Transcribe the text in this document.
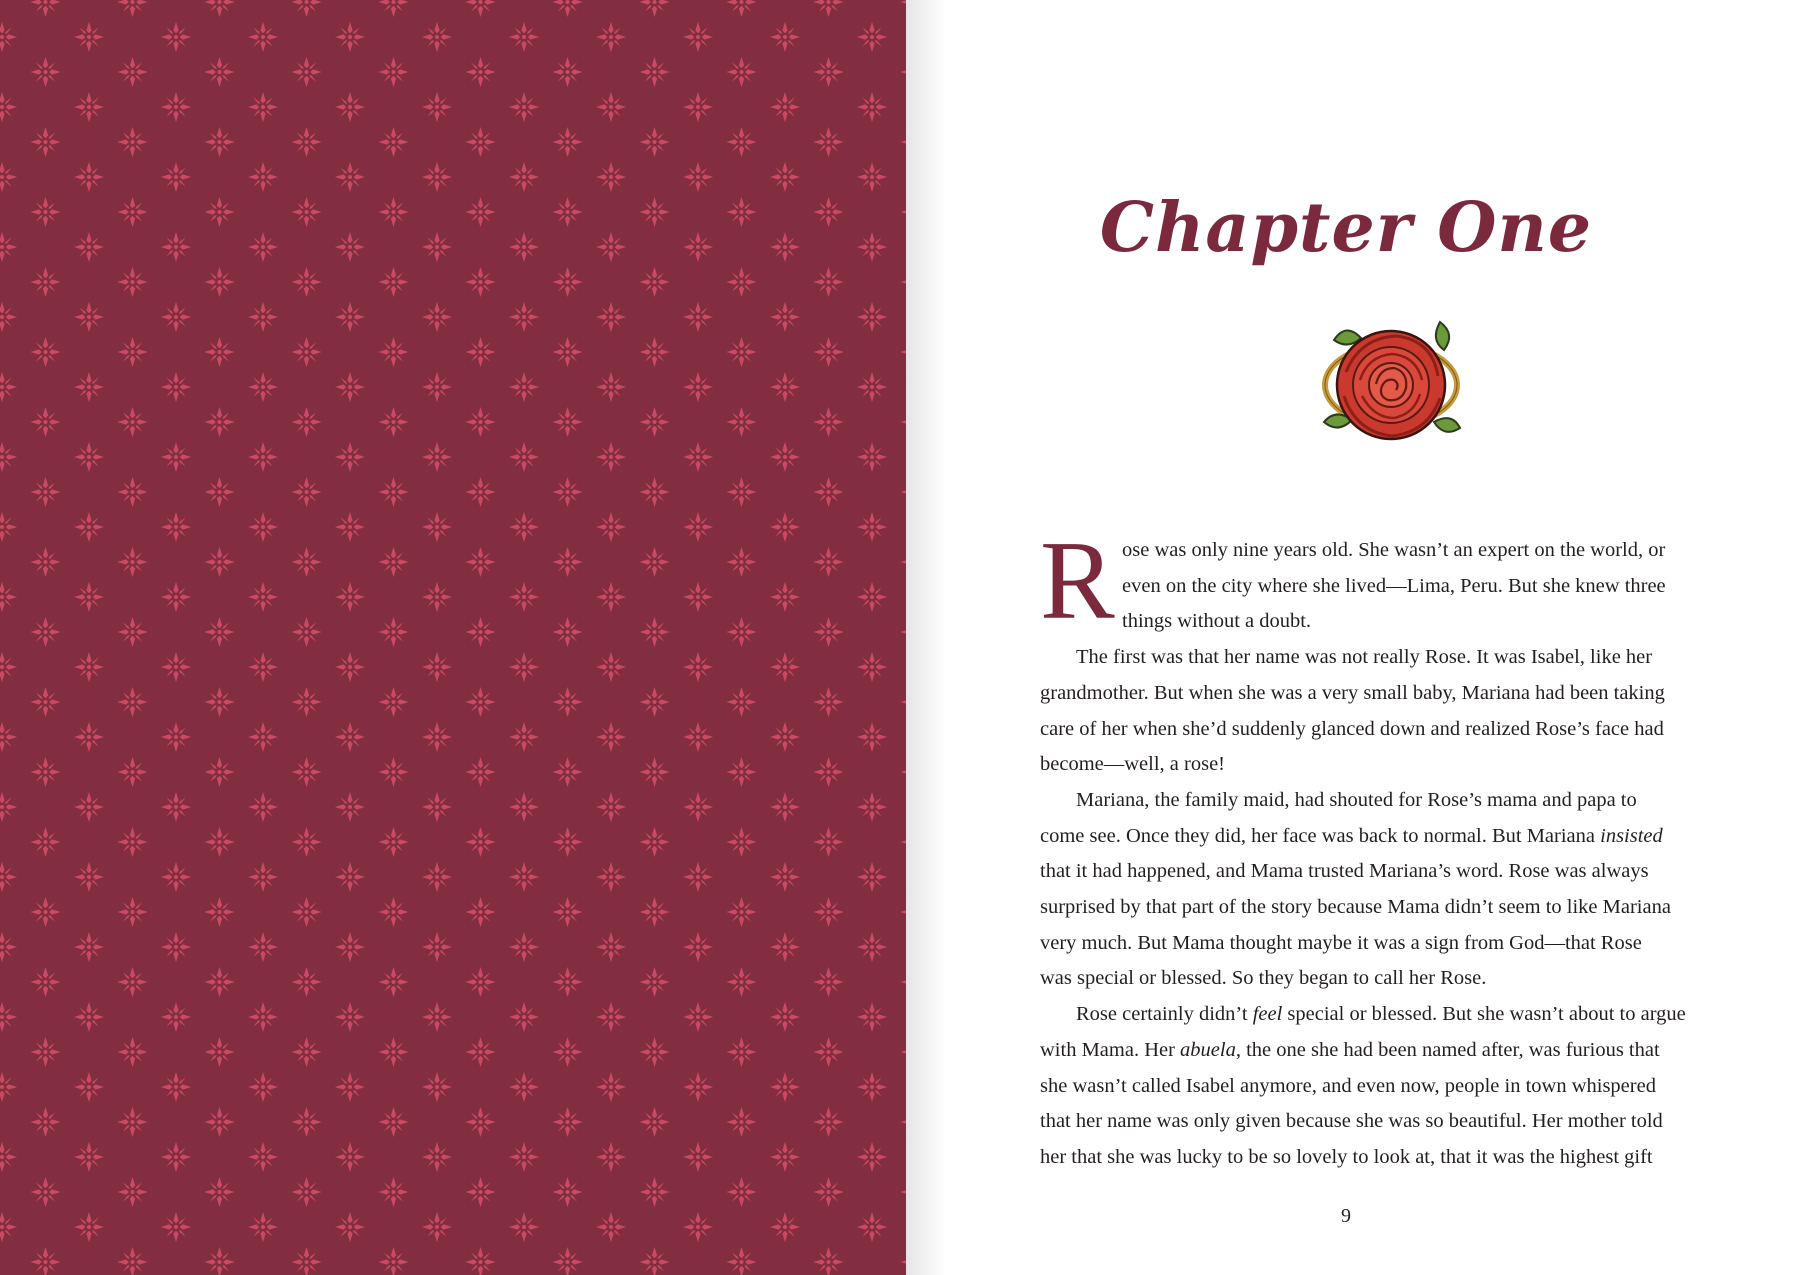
Chapter One
R ose was only nine years old. She wasn’t an expert on the world, or

even on the city where she lived—Lima, Peru. But she knew three

things without a doubt.

The first was that her name was not really Rose. It was Isabel, like her

grandmother. But when she was a very small baby, Mariana had been taking

care of her when she’d suddenly glanced down and realized Rose’s face had

become—well, a rose!

Mariana, the family maid, had shouted for Rose’s mama and papa to

come see. Once they did, her face was back to normal. But Mariana insisted

that it had happened, and Mama trusted Mariana’s word. Rose was always

surprised by that part of the story because Mama didn’t seem to like Mariana

very much. But Mama thought maybe it was a sign from God—that Rose

was special or blessed. So they began to call her Rose.

Rose certainly didn’t feel special or blessed. But she wasn’t about to argue

with Mama. Her abuela, the one she had been named after, was furious that

she wasn’t called Isabel anymore, and even now, people in town whispered

that her name was only given because she was so beautiful. Her mother told

her that she was lucky to be so lovely to look at, that it was the highest gift

9
